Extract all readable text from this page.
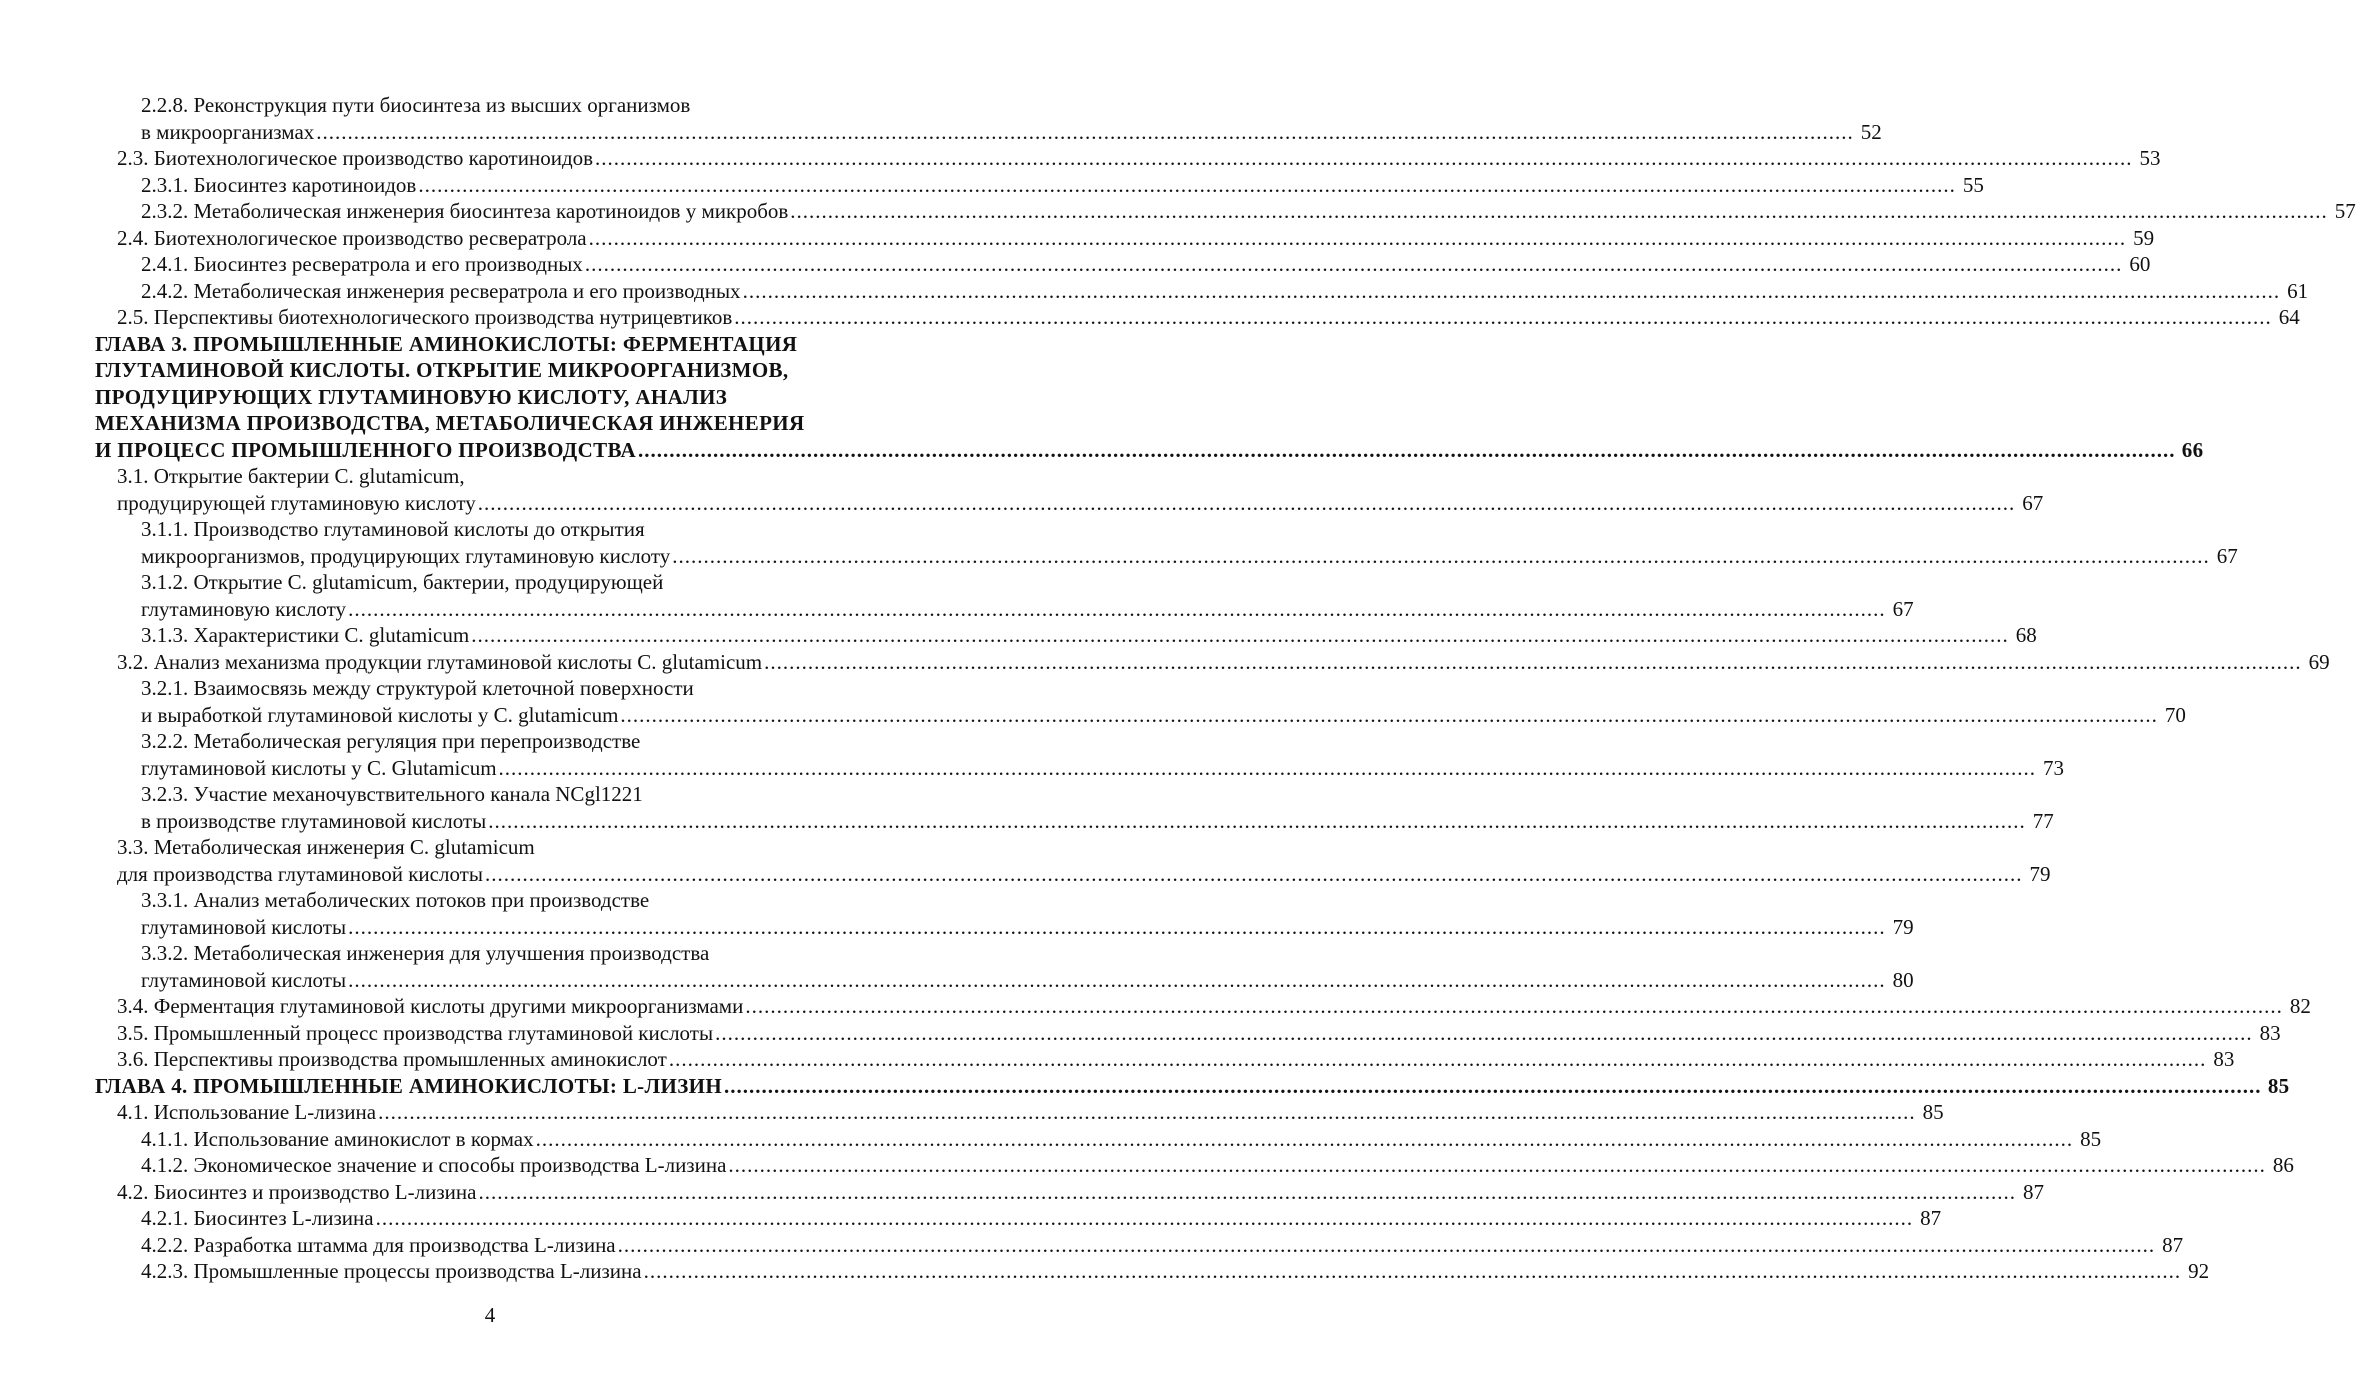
2.2.8. Реконструкция пути биосинтеза из высших организмов
в микроорганизмах .....	52
2.3. Биотехнологическое производство каротиноидов .....	53
2.3.1. Биосинтез каротиноидов .....	55
2.3.2. Метаболическая инженерия биосинтеза каротиноидов у микробов .....	57
2.4. Биотехнологическое производство ресвератрола .....	59
2.4.1. Биосинтез ресвератрола и его производных .....	60
2.4.2. Метаболическая инженерия ресвератрола и его производных .....	61
2.5. Перспективы биотехнологического производства нутрицевтиков .....	64
ГЛАВА 3. ПРОМЫШЛЕННЫЕ АМИНОКИСЛОТЫ: ФЕРМЕНТАЦИЯ
ГЛУТАМИНОВОЙ КИСЛОТЫ. ОТКРЫТИЕ МИКРООРГАНИЗМОВ,
ПРОДУЦИРУЮЩИХ ГЛУТАМИНОВУЮ КИСЛОТУ, АНАЛИЗ
МЕХАНИЗМА ПРОИЗВОДСТВА, МЕТАБОЛИЧЕСКАЯ ИНЖЕНЕРИЯ
И ПРОЦЕСС ПРОМЫШЛЕННОГО ПРОИЗВОДСТВА .....	66
3.1. Открытие бактерии C. glutamicum,
продуцирующей глутаминовую кислоту .....	67
3.1.1. Производство глутаминовой кислоты до открытия
микроорганизмов, продуцирующих глутаминовую кислоту .....	67
3.1.2. Открытие C. glutamicum, бактерии, продуцирующей
глутаминовую кислоту .....	67
3.1.3. Характеристики C. glutamicum .....	68
3.2. Анализ механизма продукции глутаминовой кислоты C. glutamicum .....	69
3.2.1. Взаимосвязь между структурой клеточной поверхности
и выработкой глутаминовой кислоты у C. glutamicum .....	70
3.2.2. Метаболическая регуляция при перепроизводстве
глутаминовой кислоты у C. Glutamicum .....	73
3.2.3. Участие механочувствительного канала NCgl1221
в производстве глутаминовой кислоты .....	77
3.3. Метаболическая инженерия C. glutamicum
для производства глутаминовой кислоты .....	79
3.3.1. Анализ метаболических потоков при производстве
глутаминовой кислоты .....	79
3.3.2. Метаболическая инженерия для улучшения производства
глутаминовой кислоты .....	80
3.4. Ферментация глутаминовой кислоты другими микроорганизмами .....	82
3.5. Промышленный процесс производства глутаминовой кислоты .....	83
3.6. Перспективы производства промышленных аминокислот .....	83
ГЛАВА 4. ПРОМЫШЛЕННЫЕ АМИНОКИСЛОТЫ: L-ЛИЗИН .....	85
4.1. Использование L-лизина .....	85
4.1.1. Использование аминокислот в кормах .....	85
4.1.2. Экономическое значение и способы производства L-лизина .....	86
4.2. Биосинтез и производство L-лизина .....	87
4.2.1. Биосинтез L-лизина .....	87
4.2.2. Разработка штамма для производства L-лизина .....	87
4.2.3. Промышленные процессы производства L-лизина .....	92
4
